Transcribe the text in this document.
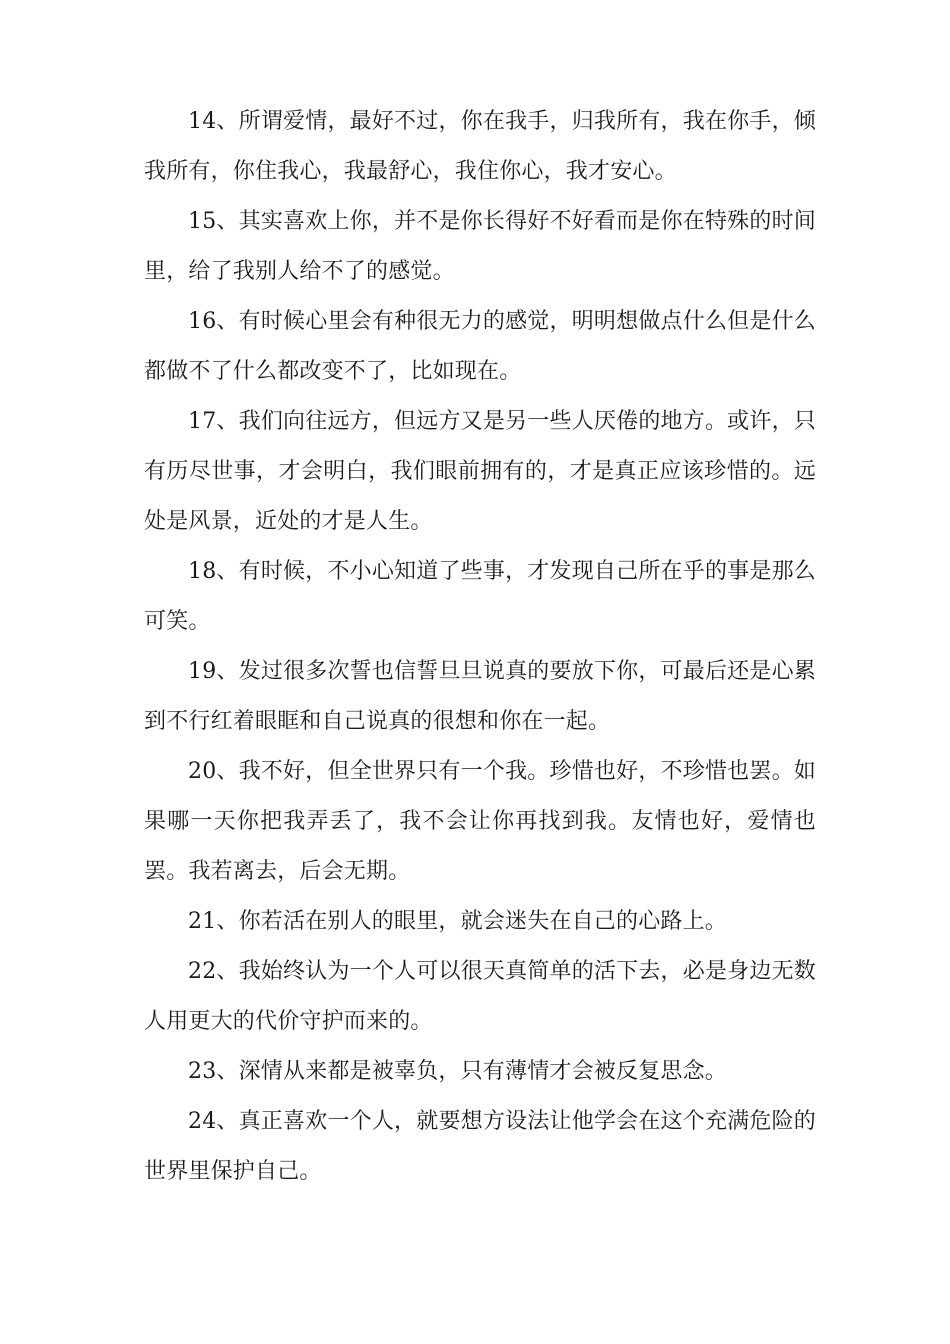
14、所谓爱情，最好不过，你在我手，归我所有，我在你手，倾我所有，你住我心，我最舒心，我住你心，我才安心。

15、其实喜欢上你，并不是你长得好不好看而是你在特殊的时间里，给了我别人给不了的感觉。

16、有时候心里会有种很无力的感觉，明明想做点什么但是什么都做不了什么都改变不了，比如现在。

17、我们向往远方，但远方又是另一些人厌倦的地方。或许，只有历尽世事，才会明白，我们眼前拥有的，才是真正应该珍惜的。远处是风景，近处的才是人生。

18、有时候，不小心知道了些事，才发现自己所在乎的事是那么可笑。

19、发过很多次誓也信誓旦旦说真的要放下你，可最后还是心累到不行红着眼眶和自己说真的很想和你在一起。

20、我不好，但全世界只有一个我。珍惜也好，不珍惜也罢。如果哪一天你把我弄丢了，我不会让你再找到我。友情也好，爱情也罢。我若离去，后会无期。

21、你若活在别人的眼里，就会迷失在自己的心路上。

22、我始终认为一个人可以很天真简单的活下去，必是身边无数人用更大的代价守护而来的。

23、深情从来都是被辜负，只有薄情才会被反复思念。

24、真正喜欢一个人，就要想方设法让他学会在这个充满危险的世界里保护自己。
